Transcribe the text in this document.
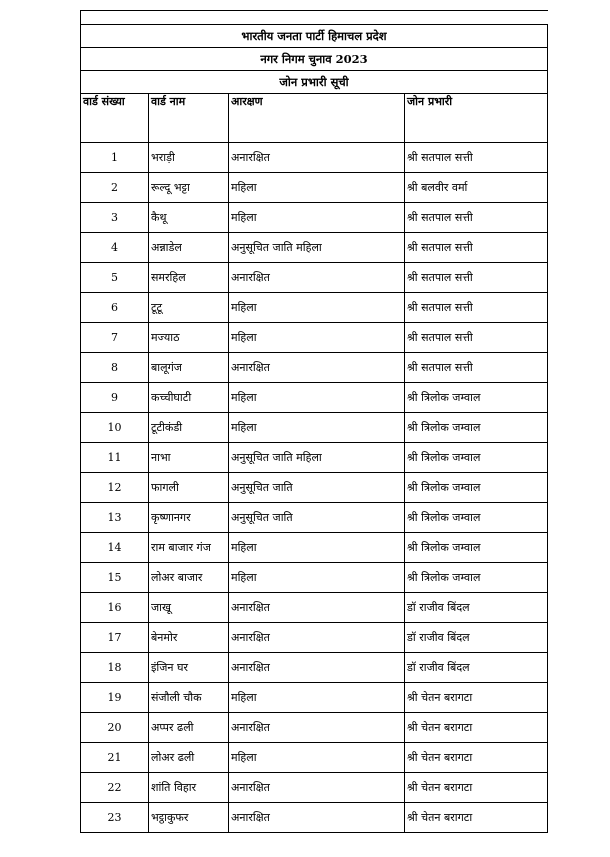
भारतीय जनता पार्टी हिमाचल प्रदेश			
नगर निगम चुनाव 2023			
जोन प्रभारी सूची			
वार्ड संख्या	वार्ड नाम	आरक्षण	जोन प्रभारी
1	भराड़ी	अनारक्षित	श्री सतपाल सत्ती
2	रूल्दू भट्टा	महिला	श्री बलवीर वर्मा
3	कैथू	महिला	श्री सतपाल सत्ती
4	अन्नाडेल	अनुसूचित जाति महिला	श्री सतपाल सत्ती
5	समरहिल	अनारक्षित	श्री सतपाल सत्ती
6	टूटू	महिला	श्री सतपाल सत्ती
7	मज्याठ	महिला	श्री सतपाल सत्ती
8	बालूगंज	अनारक्षित	श्री सतपाल सत्ती
9	कच्चीघाटी	महिला	श्री त्रिलोक जम्वाल
10	टूटीकंडी	महिला	श्री त्रिलोक जम्वाल
11	नाभा	अनुसूचित जाति महिला	श्री त्रिलोक जम्वाल
12	फागली	अनुसूचित जाति	श्री त्रिलोक जम्वाल
13	कृष्णानगर	अनुसूचित जाति	श्री त्रिलोक जम्वाल
14	राम बाजार गंज	महिला	श्री त्रिलोक जम्वाल
15	लोअर बाजार	महिला	श्री त्रिलोक जम्वाल
16	जाखू	अनारक्षित	डॉ राजीव बिंदल
17	बेनमोर	अनारक्षित	डॉ राजीव बिंदल
18	इंजिन घर	अनारक्षित	डॉ राजीव बिंदल
19	संजौली चौक	महिला	श्री चेतन बरागटा
20	अप्पर ढली	अनारक्षित	श्री चेतन बरागटा
21	लोअर ढली	महिला	श्री चेतन बरागटा
22	शांति विहार	अनारक्षित	श्री चेतन बरागटा
23	भट्ठाकुफर	अनारक्षित	श्री चेतन बरागटा
